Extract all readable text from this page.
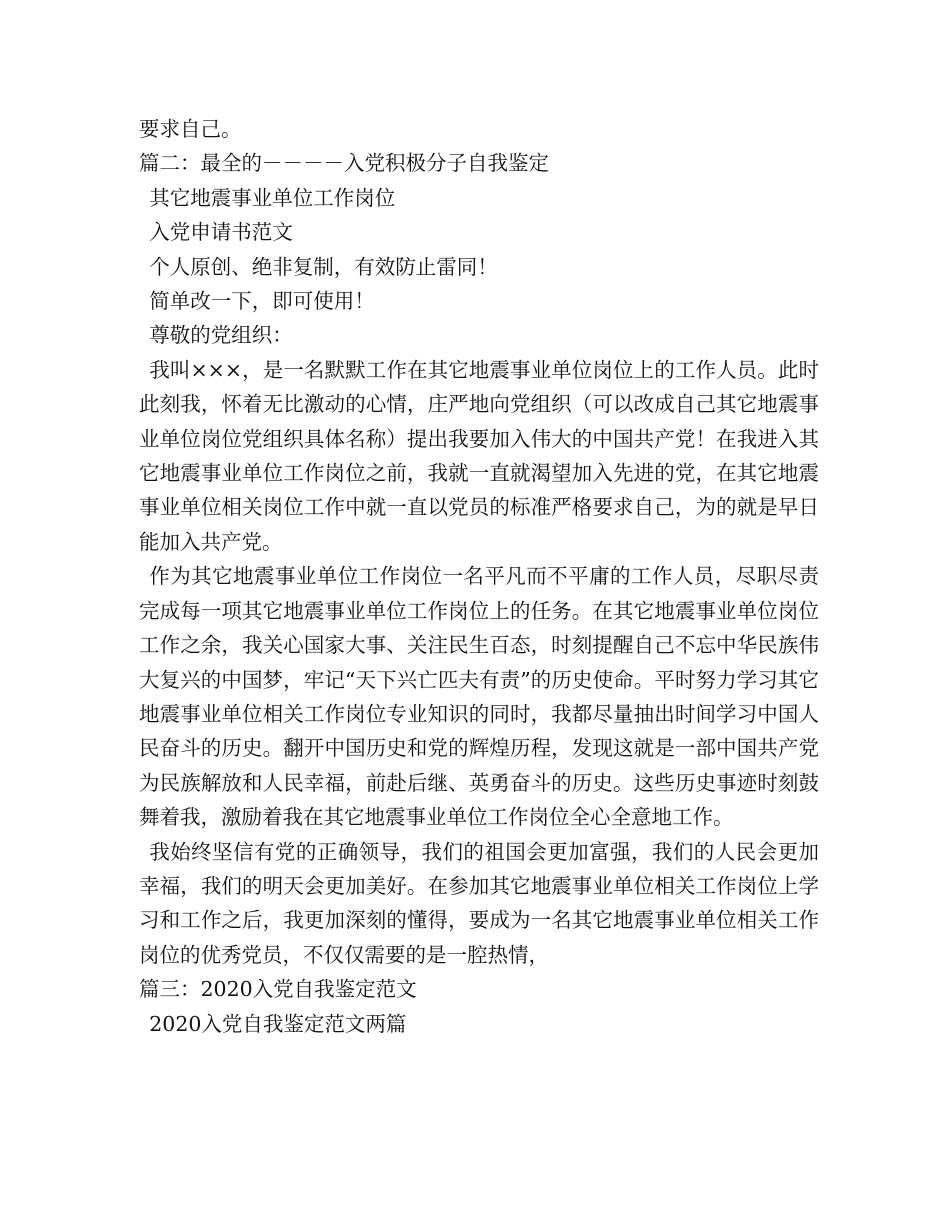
要求自己。

篇二：最全的－－－－入党积极分子自我鉴定

其它地震事业单位工作岗位

入党申请书范文

个人原创、绝非复制，有效防止雷同！

简单改一下，即可使用！

尊敬的党组织：

我叫×××，是一名默默工作在其它地震事业单位岗位上的工作人员。此时此刻我，怀着无比激动的心情，庄严地向党组织（可以改成自己其它地震事业单位岗位党组织具体名称）提出我要加入伟大的中国共产党！在我进入其它地震事业单位工作岗位之前，我就一直就渴望加入先进的党，在其它地震事业单位相关岗位工作中就一直以党员的标准严格要求自己，为的就是早日能加入共产党。

作为其它地震事业单位工作岗位一名平凡而不平庸的工作人员，尽职尽责完成每一项其它地震事业单位工作岗位上的任务。在其它地震事业单位岗位工作之余，我关心国家大事、关注民生百态，时刻提醒自己不忘中华民族伟大复兴的中国梦，牢记“天下兴亡匹夫有责”的历史使命。平时努力学习其它地震事业单位相关工作岗位专业知识的同时，我都尽量抽出时间学习中国人民奋斗的历史。翻开中国历史和党的辉煌历程，发现这就是一部中国共产党为民族解放和人民幸福，前赴后继、英勇奋斗的历史。这些历史事迹时刻鼓舞着我，激励着我在其它地震事业单位工作岗位全心全意地工作。

我始终坚信有党的正确领导，我们的祖国会更加富强，我们的人民会更加幸福，我们的明天会更加美好。在参加其它地震事业单位相关工作岗位上学习和工作之后，我更加深刻的懂得，要成为一名其它地震事业单位相关工作岗位的优秀党员，不仅仅需要的是一腔热情，

篇三：2020入党自我鉴定范文

2020入党自我鉴定范文两篇
